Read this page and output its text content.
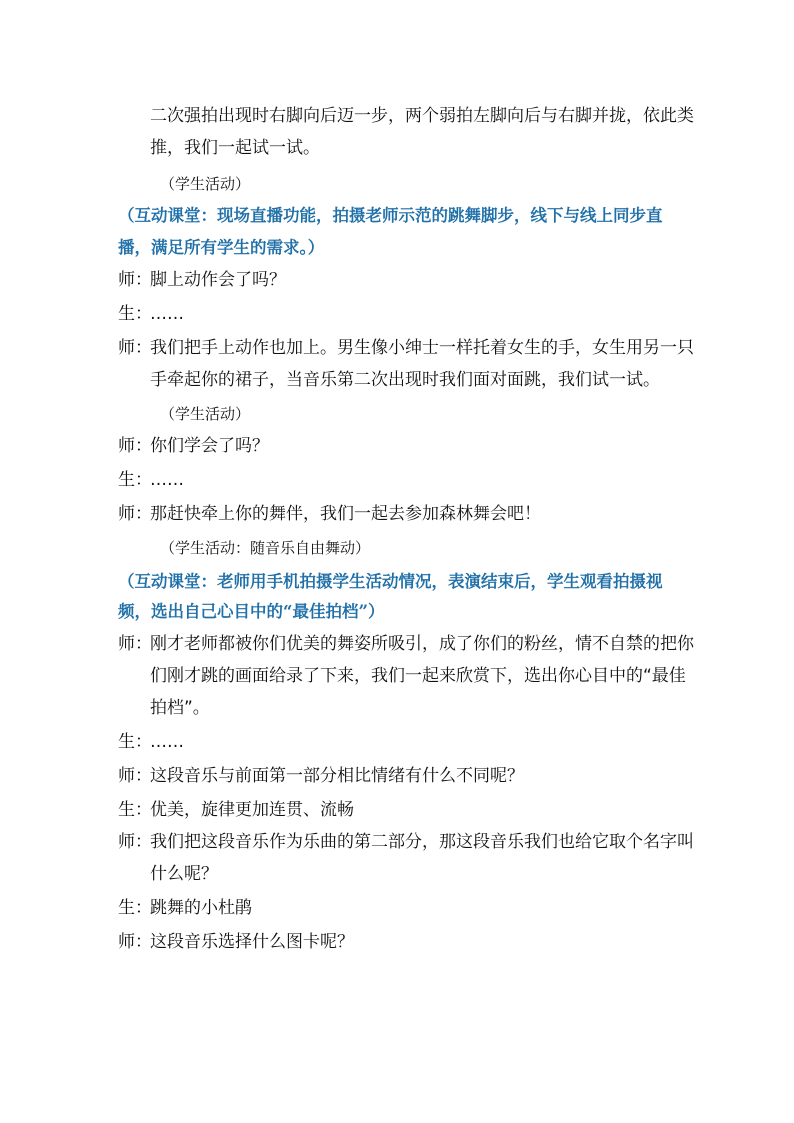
二次强拍出现时右脚向后迈一步，两个弱拍左脚向后与右脚并拢，依此类
推，我们一起试一试。
（学生活动）
（互动课堂：现场直播功能，拍摄老师示范的跳舞脚步，线下与线上同步直
播，满足所有学生的需求。）
师：脚上动作会了吗？
生：……
师：我们把手上动作也加上。男生像小绅士一样托着女生的手，女生用另一只
手牵起你的裙子，当音乐第二次出现时我们面对面跳，我们试一试。
（学生活动）
师：你们学会了吗？
生：……
师：那赶快牵上你的舞伴，我们一起去参加森林舞会吧！
（学生活动：随音乐自由舞动）
（互动课堂：老师用手机拍摄学生活动情况，表演结束后，学生观看拍摄视
频，选出自己心目中的“最佳拍档”）
师：刚才老师都被你们优美的舞姿所吸引，成了你们的粉丝，情不自禁的把你
们刚才跳的画面给录了下来，我们一起来欣赏下，选出你心目中的“最佳
拍档”。
生：……
师：这段音乐与前面第一部分相比情绪有什么不同呢？
生：优美，旋律更加连贯、流畅
师：我们把这段音乐作为乐曲的第二部分，那这段音乐我们也给它取个名字叫
什么呢？
生：跳舞的小杜鹃
师：这段音乐选择什么图卡呢？
